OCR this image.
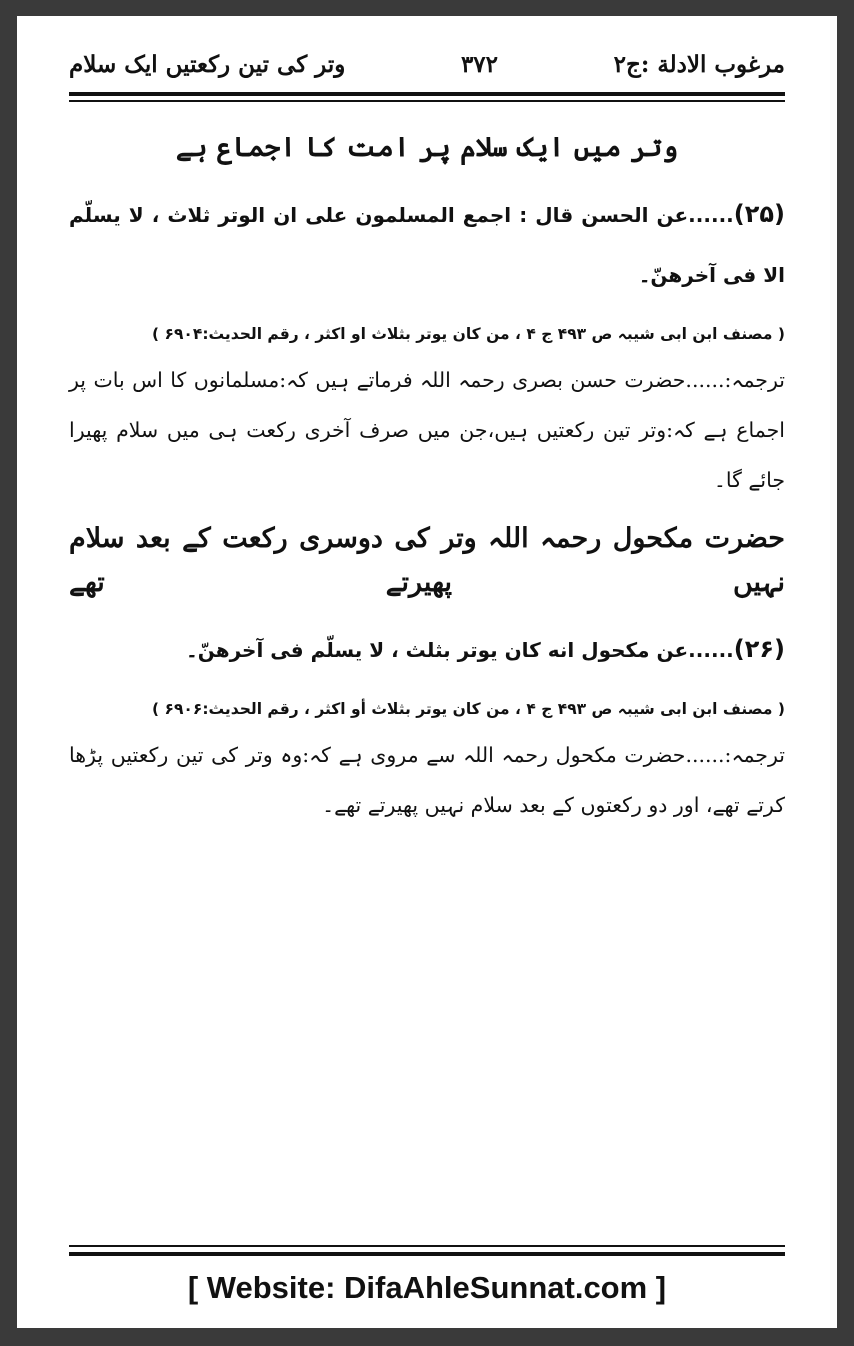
وتر کی تین رکعتیں ایک سلام	۳۷۲	مرغوب الادلة :ج۲
وتر میں ایک سلام پر امت کا اجماع ہے

(۲۵)......عن الحسن قال : اجمع المسلمون علی ان الوتر ثلاث ، لا یسلّم الا فی آخرھنّ۔

( مصنف ابن ابی شیبہ ص ۴۹۳ ج ۴ ، من کان یوتر بثلاث او اکثر ، رقم الحدیث:۶۹۰۴ )

ترجمہ:......حضرت حسن بصری رحمہ اللہ فرماتے ہیں کہ:مسلمانوں کا اس بات پر اجماع ہے کہ:وتر تین رکعتیں ہیں،جن میں صرف آخری رکعت ہی میں سلام پھیرا جائے گا۔

حضرت مکحول رحمہ اللہ وتر کی دوسری رکعت کے بعد سلام نہیں پھیرتے تھے

(۲۶)......عن مکحول انه کان یوتر بثلث ، لا یسلّم فی آخرھنّ۔

( مصنف ابن ابی شیبہ ص ۴۹۳ ج ۴ ، من کان یوتر بثلاث أو اکثر ، رقم الحدیث:۶۹۰۶ )

ترجمہ:......حضرت مکحول رحمہ اللہ سے مروی ہے کہ:وہ وتر کی تین رکعتیں پڑھا کرتے تھے، اور دو رکعتوں کے بعد سلام نہیں پھیرتے تھے۔

[ Website: DifaAhleSunnat.com ]
